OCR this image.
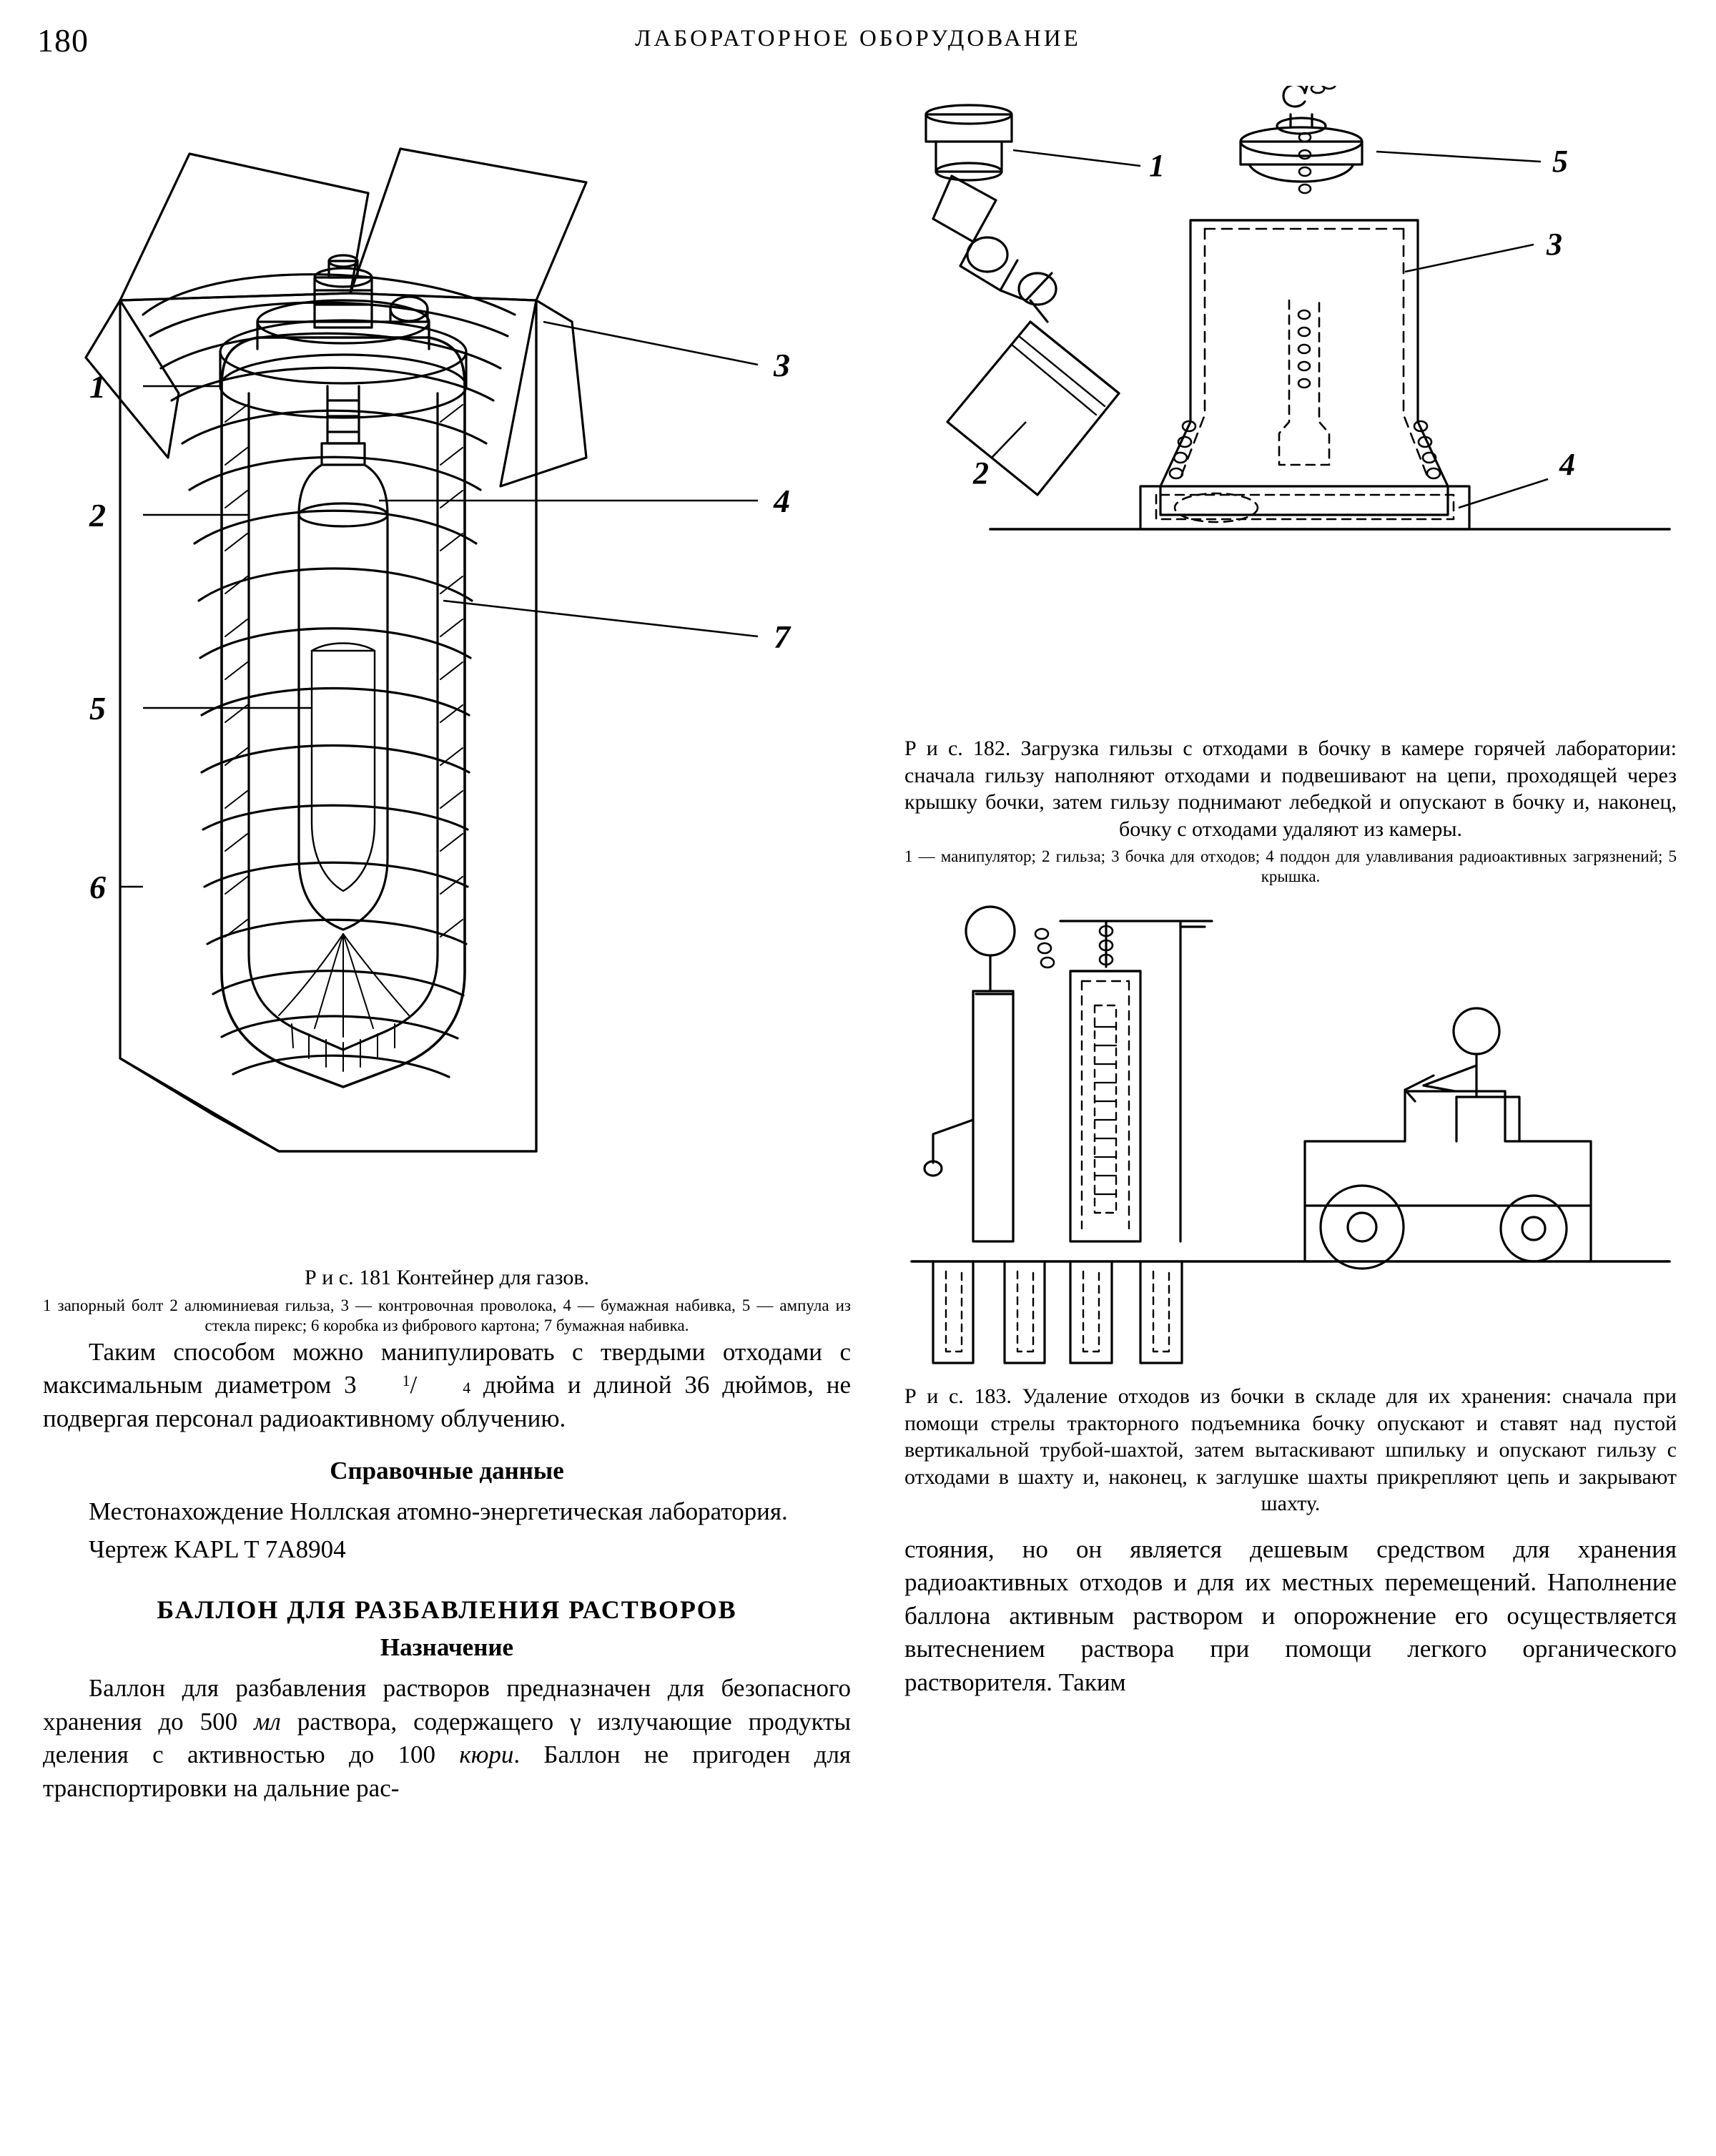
180	ЛАБОРАТОРНОЕ ОБОРУДОВАНИЕ
1
2
3
4
5
7
6
Р и с. 181 Контейнер для газов.
1 запорный болт 2 алюминиевая гильза, 3 — контровочная проволока, 4 — бумажная набивка, 5 — ампула из стекла пирекс; 6 коробка из фибрового картона; 7 бумажная набивка.

Таким способом можно манипулировать с твердыми отходами с максимальным диаметром 3	1/	4 дюйма и длиной 36 дюймов, не подвергая персонал радиоактивному облучению.

Справочные данные

Местонахождение Ноллская атомно-энергетическая лаборатория.

Чертеж KAPL T 7A8904

БАЛЛОН ДЛЯ РАЗБАВЛЕНИЯ РАСТВОРОВ
Назначение

Баллон для разбавления растворов предназначен для безопасного хранения до 500 мл раствора, содержащего γ излучающие продукты деления с активностью до 100 кюри. Баллон не пригоден для транспортировки на дальние рас-

1
2
3
4
5
Р и с. 182. Загрузка гильзы с отходами в бочку в камере горячей лаборатории: сначала гильзу наполняют отходами и подвешивают на цепи, проходящей через крышку бочки, затем гильзу поднимают лебедкой и опускают в бочку и, наконец, бочку с отходами удаляют из камеры.
1 — манипулятор; 2 гильза; 3 бочка для отходов; 4 поддон для улавливания радиоактивных загрязнений; 5 крышка.
Р и с. 183. Удаление отходов из бочки в складе для их хранения: сначала при помощи стрелы тракторного подъемника бочку опускают и ставят над пустой вертикальной трубой-шахтой, затем вытаскивают шпильку и опускают гильзу с отходами в шахту и, наконец, к заглушке шахты прикрепляют цепь и закрывают шахту.

стояния, но он является дешевым средством для хранения радиоактивных отходов и для их местных перемещений. Наполнение баллона активным раствором и опорожнение его осуществляется вытеснением раствора при помощи легкого органического растворителя. Таким
